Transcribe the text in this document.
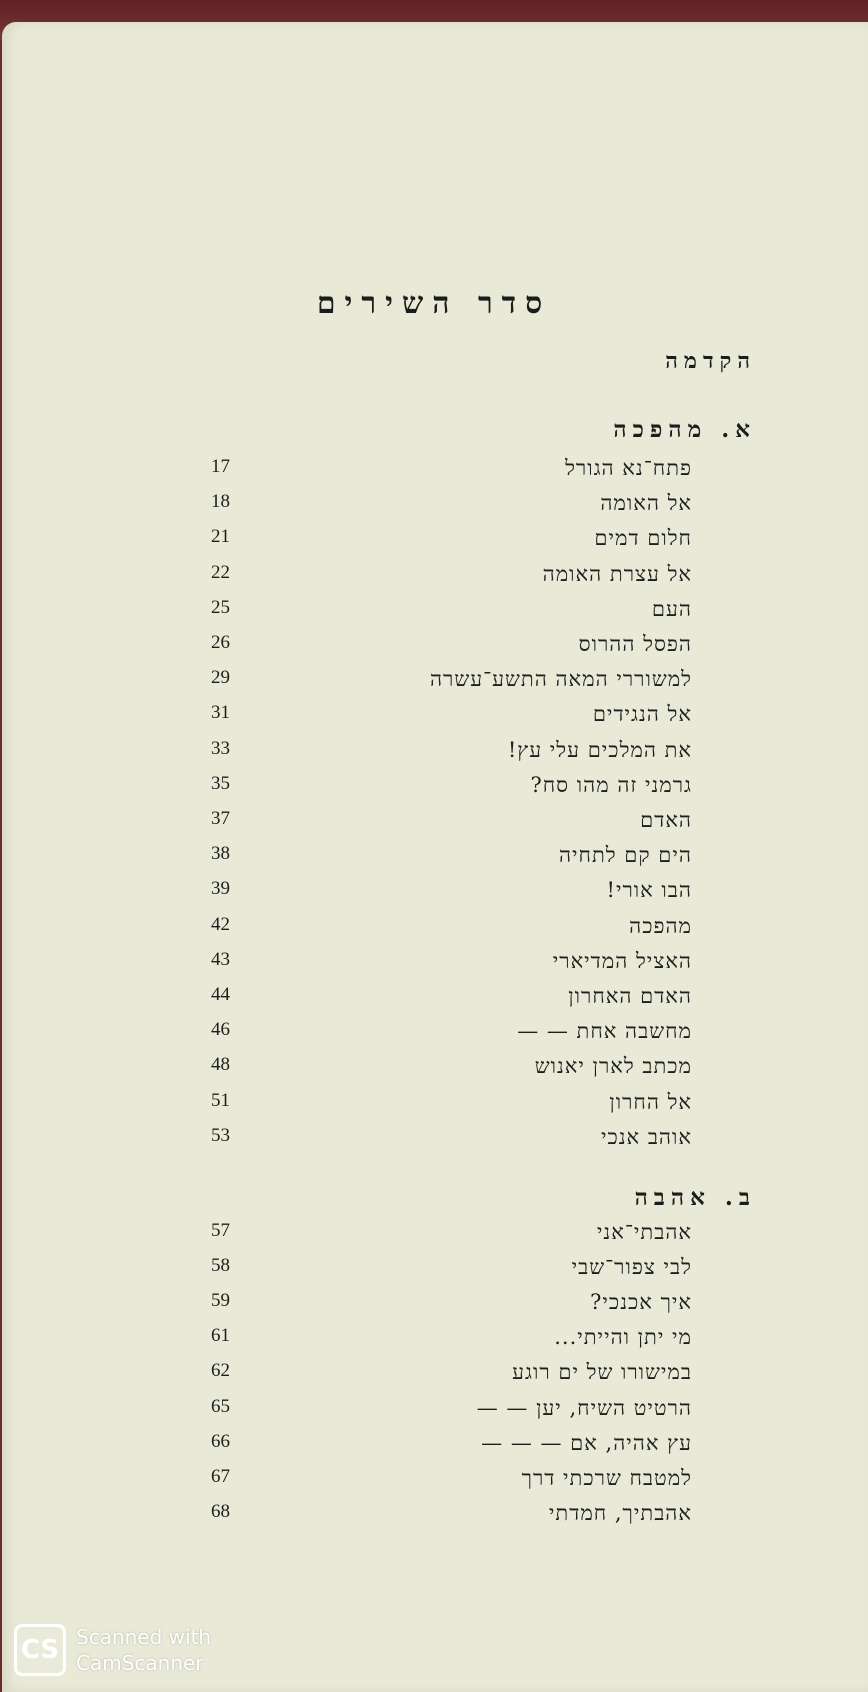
סדר השירים
הקדמה
א. מהפכה
פתח־נא הגורל
17
אל האומה
18
חלום דמים
21
אל עצרת האומה
22
העם
25
הפסל ההרוס
26
למשוררי המאה התשע־עשרה
29
אל הנגידים
31
את המלכים עלי עץ!
33
גרמני זה מהו סח?
35
האדם
37
הים קם לתחיה
38
הבו אורי!
39
מהפכה
42
האציל המדיארי
43
האדם האחרון
44
מחשבה אחת — —
46
מכתב לארן יאנוש
48
אל החרון
51
אוהב אנכי
53
ב. אהבה
אהבתי־אני
57
לבי צפור־שבי
58
איך אכנכי?
59
מי יתן והייתי...
61
במישורו של ים רוגע
62
הרטיט השיח, יען — —
65
עץ אהיה, אם — — —
66
למטבח שרכתי דרך
67
אהבתיך, חמדתי
68
CS Scanned with
CamScanner
